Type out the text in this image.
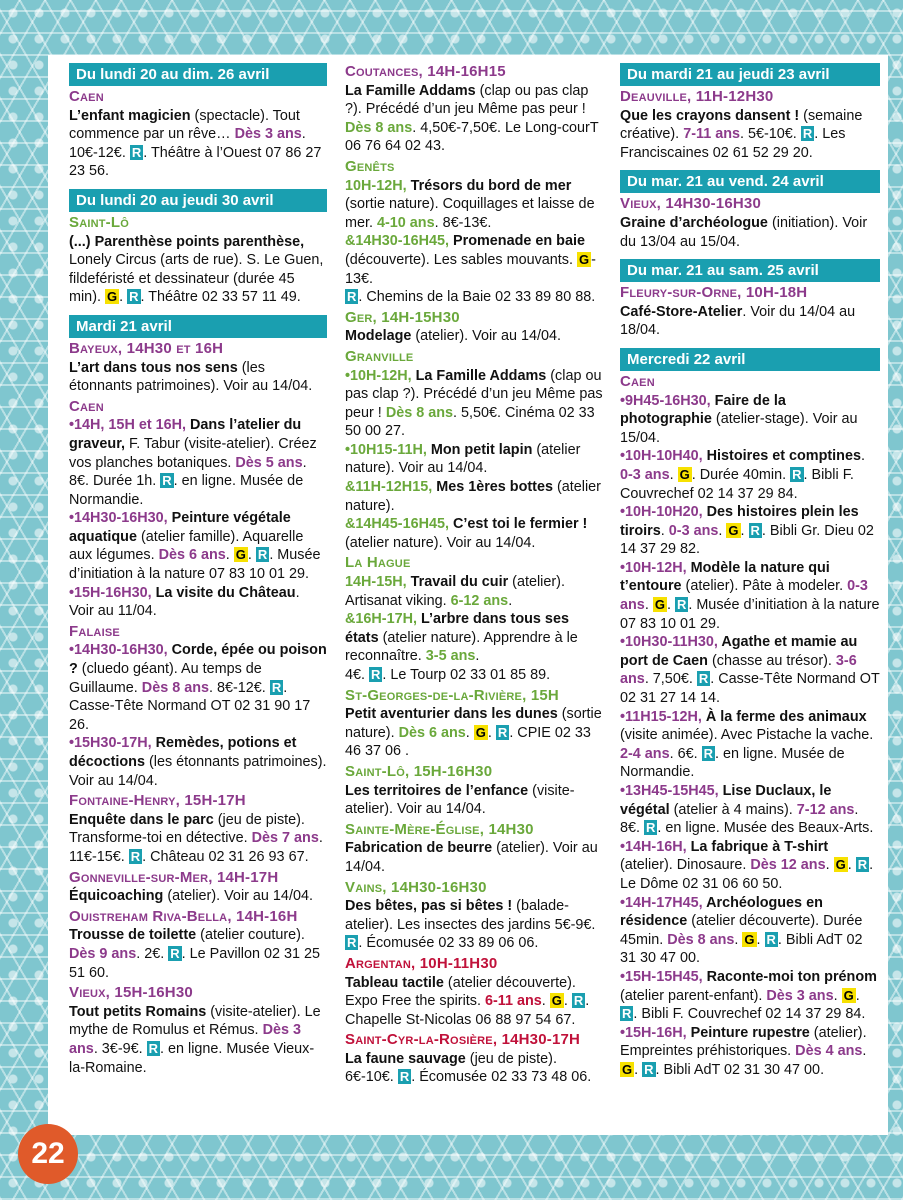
Du lundi 20 au dim. 26 avril
Caen

L’enfant magicien (spectacle). Tout commence par un rêve… Dès 3 ans. 10€-12€. R . Théâtre à l’Ouest 07 86 27 23 56.

Du lundi 20 au jeudi 30 avril
Saint-Lô

(...) Parenthèse points parenthèse, Lonely Circus (arts de rue). S. Le Guen, fildeféristé et dessinateur (durée 45 min). G . R . Théâtre 02 33 57 11 49.

Mardi 21 avril
Bayeux, 14H30 et 16H

L’art dans tous nos sens (les étonnants patrimoines). Voir au 14/04.

Caen

•14H, 15H et 16H, Dans l’atelier du graveur, F. Tabur (visite-atelier). Créez vos planches botaniques. Dès 5 ans. 8€. Durée 1h. R . en ligne. Musée de Normandie.

•14H30-16H30, Peinture végétale aquatique (atelier famille). Aquarelle aux légumes. Dès 6 ans. G . R . Musée d’initiation à la nature 07 83 10 01 29.

•15H-16H30, La visite du Château. Voir au 11/04.

Falaise

•14H30-16H30, Corde, épée ou poison ? (cluedo géant). Au temps de Guillaume. Dès 8 ans. 8€-12€. R . Casse-Tête Normand OT 02 31 90 17 26.

•15H30-17H, Remèdes, potions et décoctions (les étonnants patrimoines). Voir au 14/04.

Fontaine-Henry, 15H-17H

Enquête dans le parc (jeu de piste). Transforme-toi en détective. Dès 7 ans. 11€-15€. R . Château 02 31 26 93 67.

Gonneville-sur-Mer, 14H-17H

Équicoaching (atelier). Voir au 14/04.

Ouistreham Riva-Bella, 14H-16H

Trousse de toilette (atelier couture). Dès 9 ans. 2€. R . Le Pavillon 02 31 25 51 60.

Vieux, 15H-16H30

Tout petits Romains (visite-atelier). Le mythe de Romulus et Rémus. Dès 3 ans. 3€-9€. R . en ligne. Musée Vieux-la-Romaine.

Coutances, 14H-16H15

La Famille Addams (clap ou pas clap ?). Précédé d’un jeu Même pas peur ! Dès 8 ans. 4,50€-7,50€. Le Long-courT 06 76 64 02 43.

Genêts

10H-12H, Trésors du bord de mer (sortie nature). Coquillages et laisse de mer. 4-10 ans. 8€-13€.

&14H30-16H45, Promenade en baie (découverte). Les sables mouvants. G -13€.

R . Chemins de la Baie 02 33 89 80 88.

Ger, 14H-15H30

Modelage (atelier). Voir au 14/04.

Granville

•10H-12H, La Famille Addams (clap ou pas clap ?). Précédé d’un jeu Même pas peur ! Dès 8 ans. 5,50€. Cinéma 02 33 50 00 27.

•10H15-11H, Mon petit lapin (atelier nature). Voir au 14/04.

&11H-12H15, Mes 1ères bottes (atelier nature).

&14H45-16H45, C’est toi le fermier ! (atelier nature). Voir au 14/04.

La Hague

14H-15H, Travail du cuir (atelier). Artisanat viking. 6-12 ans.

&16H-17H, L’arbre dans tous ses états (atelier nature). Apprendre à le reconnaître. 3-5 ans.

4€. R . Le Tourp 02 33 01 85 89.

St-Georges-de-la-Rivière, 15H

Petit aventurier dans les dunes (sortie nature). Dès 6 ans. G . R . CPIE 02 33 46 37 06 .

Saint-Lô, 15H-16H30

Les territoires de l’enfance (visite-atelier). Voir au 14/04.

Sainte-Mère-Église, 14H30

Fabrication de beurre (atelier). Voir au 14/04.

Vains, 14H30-16H30

Des bêtes, pas si bêtes ! (balade-atelier). Les insectes des jardins 5€-9€. R . Écomusée 02 33 89 06 06.

Argentan, 10H-11H30

Tableau tactile (atelier découverte). Expo Free the spirits. 6-11 ans. G . R . Chapelle St-Nicolas 06 88 97 54 67.

Saint-Cyr-la-Rosière, 14H30-17H

La faune sauvage (jeu de piste). 6€-10€. R . Écomusée 02 33 73 48 06.

Du mardi 21 au jeudi 23 avril
Deauville, 11H-12H30

Que les crayons dansent ! (semaine créative). 7-11 ans. 5€-10€. R . Les Franciscaines 02 61 52 29 20.

Du mar. 21 au vend. 24 avril
Vieux, 14H30-16H30

Graine d’archéologue (initiation). Voir du 13/04 au 15/04.

Du mar. 21 au sam. 25 avril
Fleury-sur-Orne, 10H-18H

Café-Store-Atelier. Voir du 14/04 au 18/04.

Mercredi 22 avril
Caen

•9H45-16H30, Faire de la photographie (atelier-stage). Voir au 15/04.

•10H-10H40, Histoires et comptines. 0-3 ans. G . Durée 40min. R . Bibli F. Couvrechef 02 14 37 29 84.

•10H-10H20, Des histoires plein les tiroirs. 0-3 ans. G . R . Bibli Gr. Dieu 02 14 37 29 82.

•10H-12H, Modèle la nature qui t’entoure (atelier). Pâte à modeler. 0-3 ans. G . R . Musée d’initiation à la nature 07 83 10 01 29.

•10H30-11H30, Agathe et mamie au port de Caen (chasse au trésor). 3-6 ans. 7,50€. R . Casse-Tête Normand OT 02 31 27 14 14.

•11H15-12H, À la ferme des animaux (visite animée). Avec Pistache la vache. 2-4 ans. 6€. R . en ligne. Musée de Normandie.

•13H45-15H45, Lise Duclaux, le végétal (atelier à 4 mains). 7-12 ans. 8€. R . en ligne. Musée des Beaux-Arts.

•14H-16H, La fabrique à T-shirt (atelier). Dinosaure. Dès 12 ans. G . R . Le Dôme 02 31 06 60 50.

•14H-17H45, Archéologues en résidence (atelier découverte). Durée 45min. Dès 8 ans. G . R . Bibli AdT 02 31 30 47 00.

•15H-15H45, Raconte-moi ton prénom (atelier parent-enfant). Dès 3 ans. G . R . Bibli F. Couvrechef 02 14 37 29 84.

•15H-16H, Peinture rupestre (atelier). Empreintes préhistoriques. Dès 4 ans. G . R . Bibli AdT 02 31 30 47 00.

22
